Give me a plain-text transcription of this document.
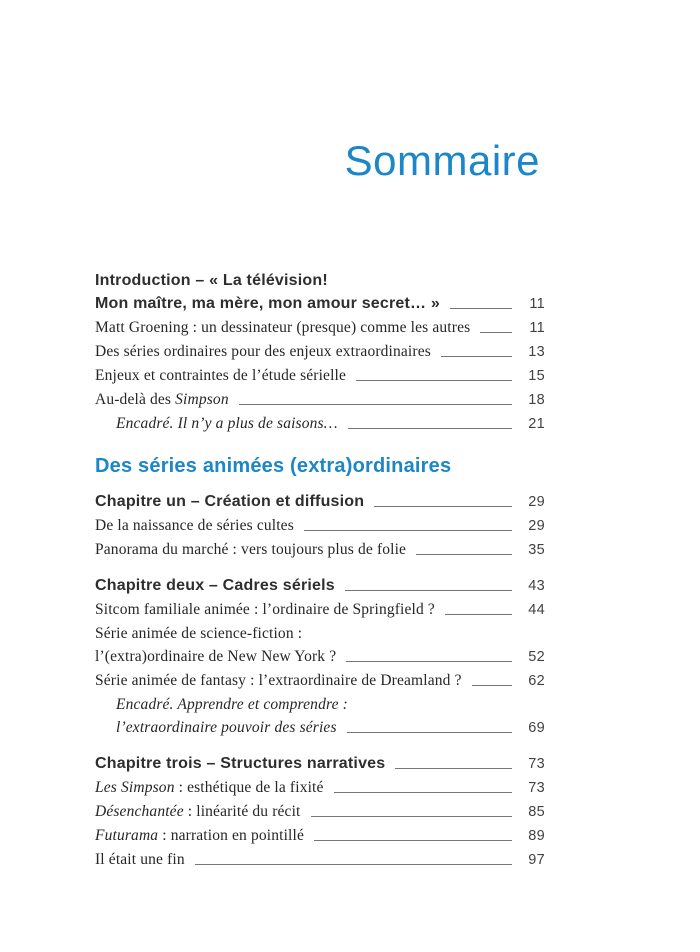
Sommaire
Introduction – « La télévision!
Mon maître, ma mère, mon amour secret… »	11
Matt Groening : un dessinateur (presque) comme les autres	11
Des séries ordinaires pour des enjeux extraordinaires	13
Enjeux et contraintes de l’étude sérielle	15
Au-delà des Simpson	18
Encadré. Il n’y a plus de saisons…	21
Des séries animées (extra)ordinaires
Chapitre un – Création et diffusion	29
De la naissance de séries cultes	29
Panorama du marché : vers toujours plus de folie	35
Chapitre deux – Cadres sériels	43
Sitcom familiale animée : l’ordinaire de Springfield ?	44
Série animée de science-fiction :
l’(extra)ordinaire de New New York ?	52
Série animée de fantasy : l’extraordinaire de Dreamland ?	62
Encadré. Apprendre et comprendre :
l’extraordinaire pouvoir des séries	69
Chapitre trois – Structures narratives	73
Les Simpson : esthétique de la fixité	73
Désenchantée : linéarité du récit	85
Futurama : narration en pointillé	89
Il était une fin	97
